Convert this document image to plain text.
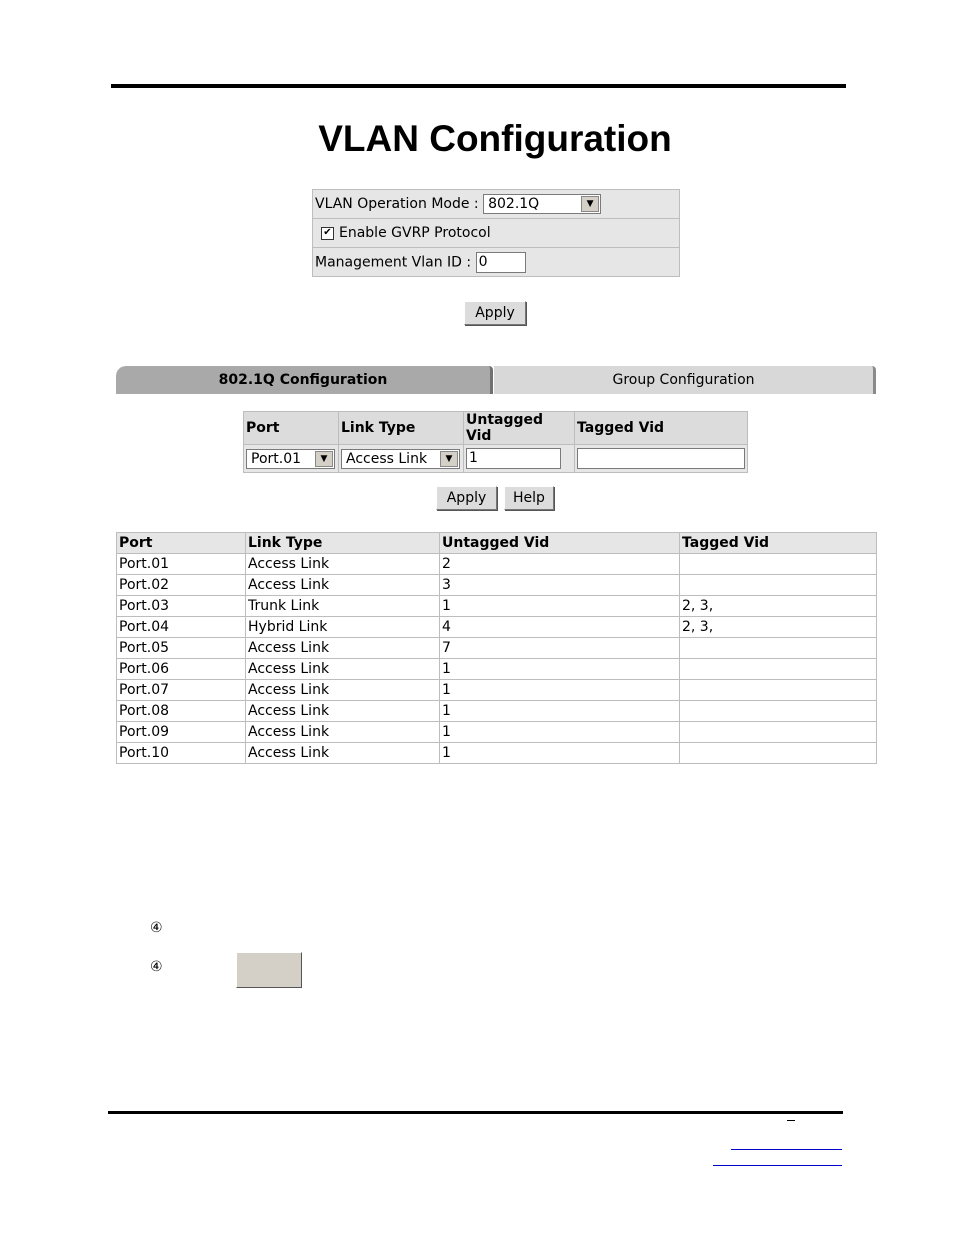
VLAN Configuration
VLAN Operation Mode : 802.1Q	▼

✔ Enable GVRP Protocol
Management Vlan ID : 0
Apply
802.1Q Configuration	Group Configuration
Port	Link Type	Untagged Vid	Tagged Vid

Port.01 ▼	Access Link ▼	1	
Apply	Help
Port	Link Type	Untagged Vid	Tagged Vid
Port.01	Access Link	2	
Port.02	Access Link	3	
Port.03	Trunk Link	1	2, 3,
Port.04	Hybrid Link	4	2, 3,
Port.05	Access Link	7	
Port.06	Access Link	1	
Port.07	Access Link	1	
Port.08	Access Link	1	
Port.09	Access Link	1	
Port.10	Access Link	1	
④
④
